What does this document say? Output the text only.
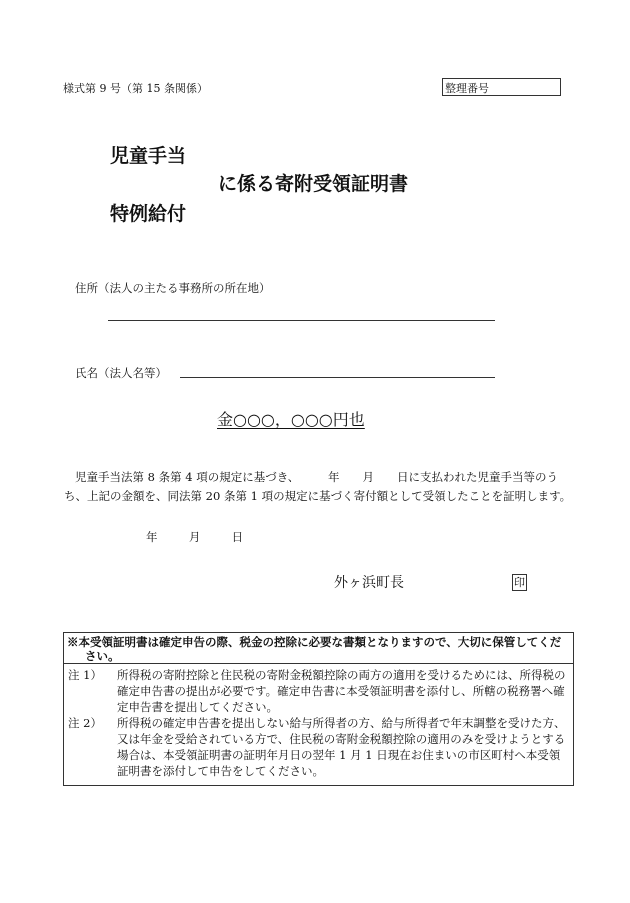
様式第 9 号（第 15 条関係）	整理番号
児童手当
に係る寄附受領証明書
特例給付
住所（法人の主たる事務所の所在地）
氏名（法人名等）
金○○○，○○○円也

児童手当法第 8 条第 4 項の規定に基づき、　　　年　　月　　日に支払われた児童手当等のう

ち、上記の金額を、同法第 20 条第 1 項の規定に基づく寄付額として受領したことを証明します。

年	月	日
外ヶ浜町長	印
※本受領証明書は確定申告の際、税金の控除に必要な書類となりますので、大切に保管してくだ
さい。
注 1） 所得税の寄附控除と住民税の寄附金税額控除の両方の適用を受けるためには、所得税の確定申告書の提出が必要です。確定申告書に本受領証明書を添付し、所轄の税務署へ確定申告書を提出してください。
注 2） 所得税の確定申告書を提出しない給与所得者の方、給与所得者で年末調整を受けた方、又は年金を受給されている方で、住民税の寄附金税額控除の適用のみを受けようとする場合は、本受領証明書の証明年月日の翌年 1 月 1 日現在お住まいの市区町村へ本受領証明書を添付して申告をしてください。
